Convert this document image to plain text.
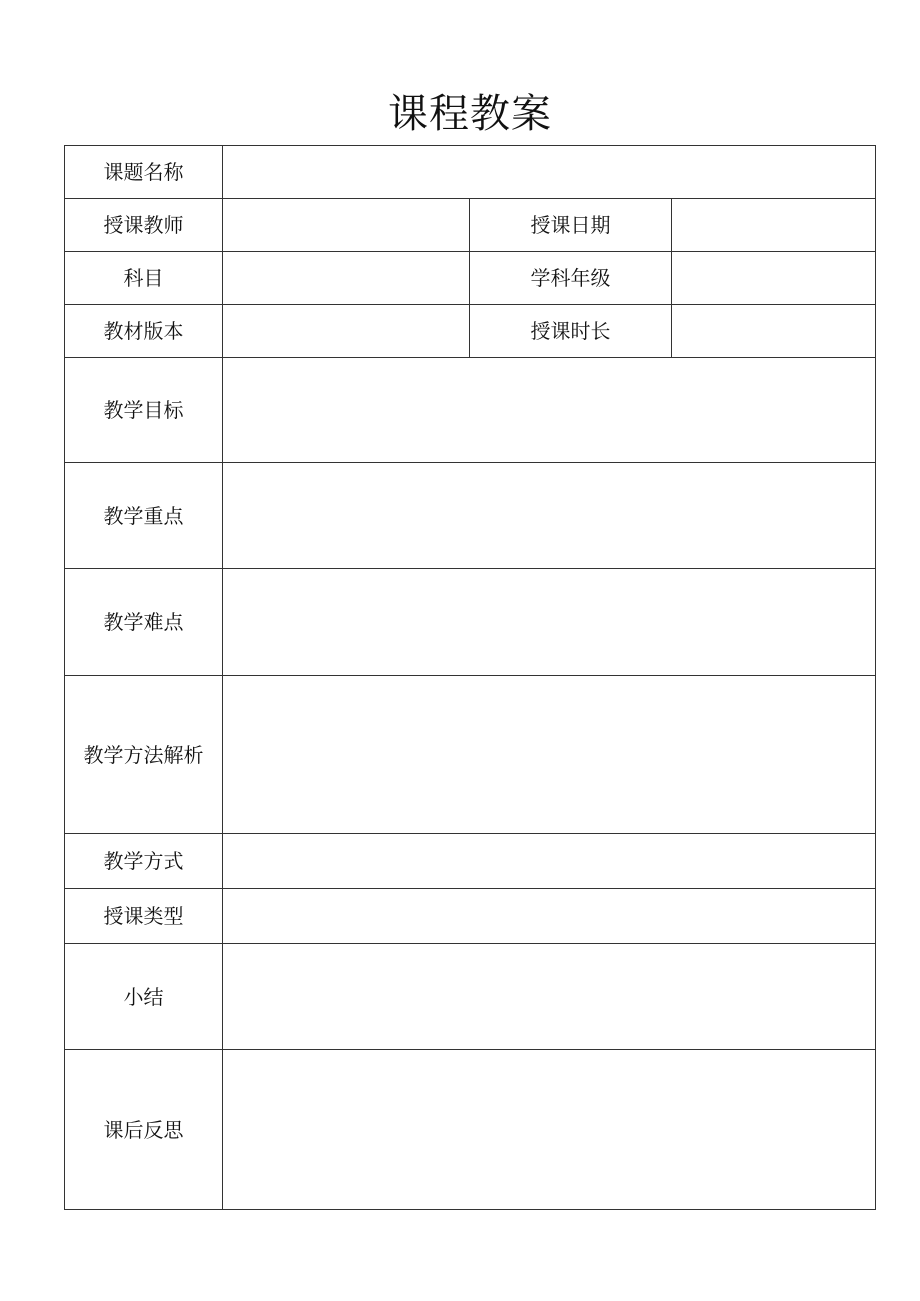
课程教案
课题名称			
授课教师		授课日期	
科目		学科年级	
教材版本		授课时长	
教学目标			
教学重点			
教学难点			
教学方法解析			
教学方式			
授课类型			
小结			
课后反思			
